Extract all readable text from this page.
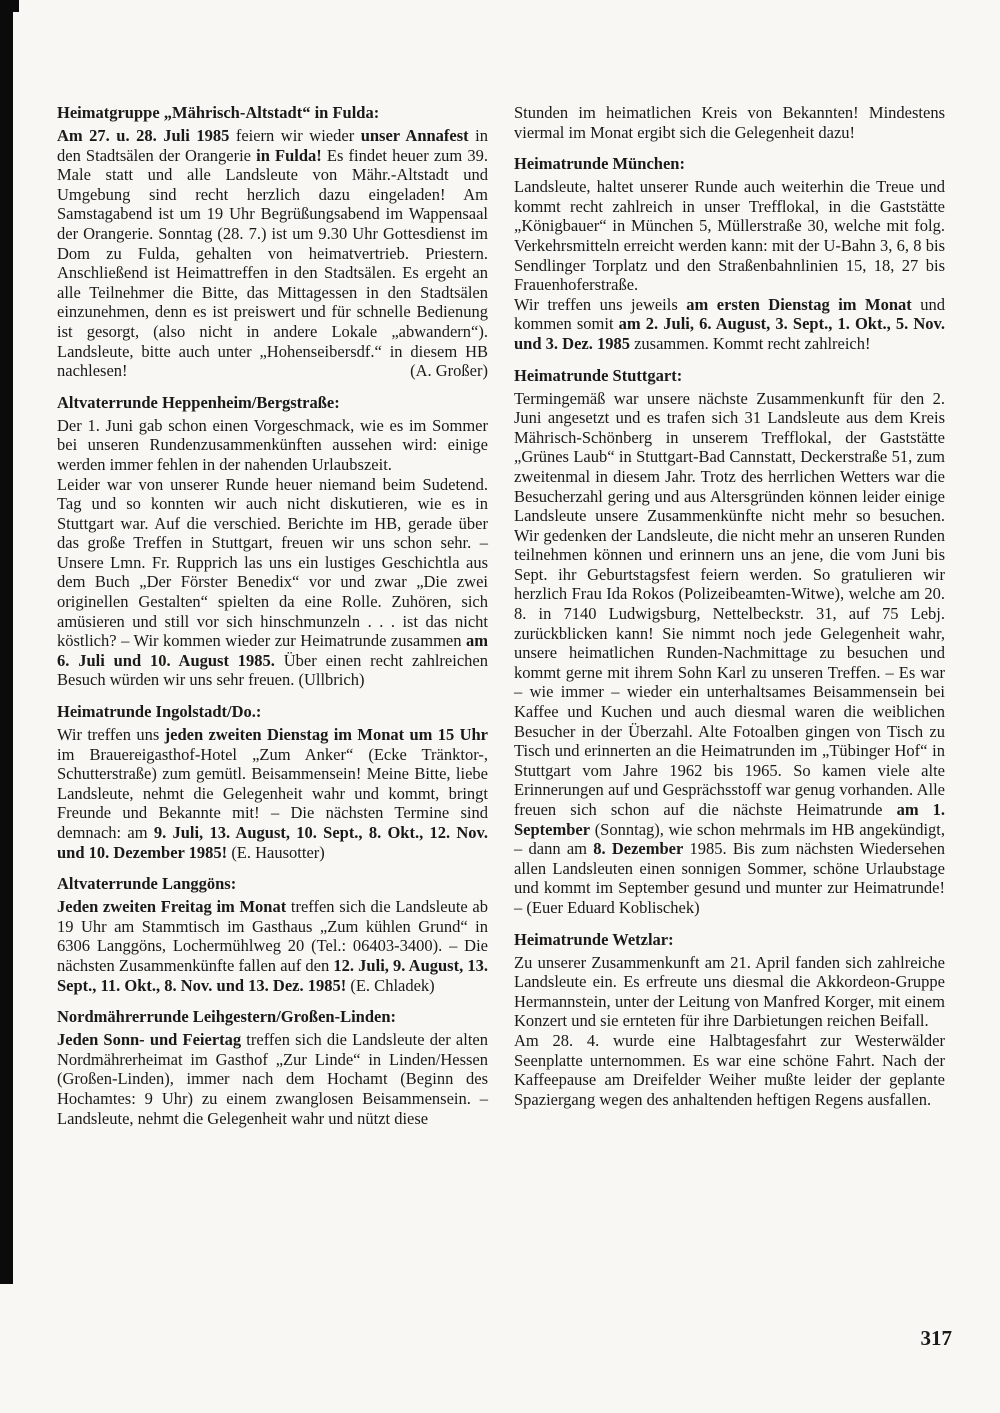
Heimatgruppe „Mährisch-Altstadt“ in Fulda:

Am 27. u. 28. Juli 1985 feiern wir wieder unser Annafest in den Stadtsälen der Orangerie in Fulda! Es findet heuer zum 39. Male statt und alle Landsleute von Mähr.-Altstadt und Umgebung sind recht herzlich dazu eingeladen! Am Samstagabend ist um 19 Uhr Begrüßungsabend im Wappensaal der Orangerie. Sonntag (28. 7.) ist um 9.30 Uhr Gottesdienst im Dom zu Fulda, gehalten von heimatvertrieb. Priestern. Anschließend ist Heimattreffen in den Stadtsälen. Es ergeht an alle Teilnehmer die Bitte, das Mittagessen in den Stadtsälen einzunehmen, denn es ist preiswert und für schnelle Bedienung ist gesorgt, (also nicht in andere Lokale „abwandern“). Landsleute, bitte auch unter „Hohenseibersdf.“ in diesem HB nachlesen!	(A. Großer)

Altvaterrunde Heppenheim/Bergstraße:

Der 1. Juni gab schon einen Vorgeschmack, wie es im Sommer bei unseren Rundenzusammenkünften aussehen wird: einige werden immer fehlen in der nahenden Urlaubszeit.

Leider war von unserer Runde heuer niemand beim Sudetend. Tag und so konnten wir auch nicht diskutieren, wie es in Stuttgart war. Auf die verschied. Berichte im HB, gerade über das große Treffen in Stuttgart, freuen wir uns schon sehr. – Unsere Lmn. Fr. Rupprich las uns ein lustiges Geschichtla aus dem Buch „Der Förster Benedix“ vor und zwar „Die zwei originellen Gestalten“ spielten da eine Rolle. Zuhören, sich amüsieren und still vor sich hinschmunzeln . . . ist das nicht köstlich? – Wir kommen wieder zur Heimatrunde zusammen am 6. Juli und 10. August 1985. Über einen recht zahlreichen Besuch würden wir uns sehr freuen. (Ullbrich)

Heimatrunde Ingolstadt/Do.:

Wir treffen uns jeden zweiten Dienstag im Monat um 15 Uhr im Brauereigasthof-Hotel „Zum Anker“ (Ecke Tränktor-, Schutterstraße) zum gemütl. Beisammensein! Meine Bitte, liebe Landsleute, nehmt die Gelegenheit wahr und kommt, bringt Freunde und Bekannte mit! – Die nächsten Termine sind demnach: am 9. Juli, 13. August, 10. Sept., 8. Okt., 12. Nov. und 10. Dezember 1985! (E. Hausotter)

Altvaterrunde Langgöns:

Jeden zweiten Freitag im Monat treffen sich die Landsleute ab 19 Uhr am Stammtisch im Gasthaus „Zum kühlen Grund“ in 6306 Langgöns, Lochermühlweg 20 (Tel.: 06403-3400). – Die nächsten Zusammenkünfte fallen auf den 12. Juli, 9. August, 13. Sept., 11. Okt., 8. Nov. und 13. Dez. 1985! (E. Chladek)

Nordmährerrunde Leihgestern/Großen-Linden:

Jeden Sonn- und Feiertag treffen sich die Landsleute der alten Nordmährerheimat im Gasthof „Zur Linde“ in Linden/Hessen (Großen-Linden), immer nach dem Hochamt (Beginn des Hochamtes: 9 Uhr) zu einem zwanglosen Beisammensein. – Landsleute, nehmt die Gelegenheit wahr und nützt diese

Stunden im heimatlichen Kreis von Bekannten! Mindestens viermal im Monat ergibt sich die Gelegenheit dazu!

Heimatrunde München:

Landsleute, haltet unserer Runde auch weiterhin die Treue und kommt recht zahlreich in unser Trefflokal, in die Gaststätte „Königbauer“ in München 5, Müllerstraße 30, welche mit folg. Verkehrsmitteln erreicht werden kann: mit der U-Bahn 3, 6, 8 bis Sendlinger Torplatz und den Straßenbahnlinien 15, 18, 27 bis Frauenhoferstraße.

Wir treffen uns jeweils am ersten Dienstag im Monat und kommen somit am 2. Juli, 6. August, 3. Sept., 1. Okt., 5. Nov. und 3. Dez. 1985 zusammen. Kommt recht zahlreich!

Heimatrunde Stuttgart:

Termingemäß war unsere nächste Zusammenkunft für den 2. Juni angesetzt und es trafen sich 31 Landsleute aus dem Kreis Mährisch-Schönberg in unserem Trefflokal, der Gaststätte „Grünes Laub“ in Stuttgart-Bad Cannstatt, Deckerstraße 51, zum zweitenmal in diesem Jahr. Trotz des herrlichen Wetters war die Besucherzahl gering und aus Altersgründen können leider einige Landsleute unsere Zusammenkünfte nicht mehr so besuchen. Wir gedenken der Landsleute, die nicht mehr an unseren Runden teilnehmen können und erinnern uns an jene, die vom Juni bis Sept. ihr Geburtstagsfest feiern werden. So gratulieren wir herzlich Frau Ida Rokos (Polizeibeamten-Witwe), welche am 20. 8. in 7140 Ludwigsburg, Nettelbeckstr. 31, auf 75 Lebj. zurückblicken kann! Sie nimmt noch jede Gelegenheit wahr, unsere heimatlichen Runden-Nachmittage zu besuchen und kommt gerne mit ihrem Sohn Karl zu unseren Treffen. – Es war – wie immer – wieder ein unterhaltsames Beisammensein bei Kaffee und Kuchen und auch diesmal waren die weiblichen Besucher in der Überzahl. Alte Fotoalben gingen von Tisch zu Tisch und erinnerten an die Heimatrunden im „Tübinger Hof“ in Stuttgart vom Jahre 1962 bis 1965. So kamen viele alte Erinnerungen auf und Gesprächsstoff war genug vorhanden. Alle freuen sich schon auf die nächste Heimatrunde am 1. September (Sonntag), wie schon mehrmals im HB angekündigt, – dann am 8. Dezember 1985. Bis zum nächsten Wiedersehen allen Landsleuten einen sonnigen Sommer, schöne Urlaubstage und kommt im September gesund und munter zur Heimatrunde! – (Euer Eduard Koblischek)

Heimatrunde Wetzlar:

Zu unserer Zusammenkunft am 21. April fanden sich zahlreiche Landsleute ein. Es erfreute uns diesmal die Akkordeon-Gruppe Hermannstein, unter der Leitung von Manfred Korger, mit einem Konzert und sie ernteten für ihre Darbietungen reichen Beifall.

Am 28. 4. wurde eine Halbtagesfahrt zur Westerwälder Seenplatte unternommen. Es war eine schöne Fahrt. Nach der Kaffeepause am Dreifelder Weiher mußte leider der geplante Spaziergang wegen des anhaltenden heftigen Regens ausfallen.

317
